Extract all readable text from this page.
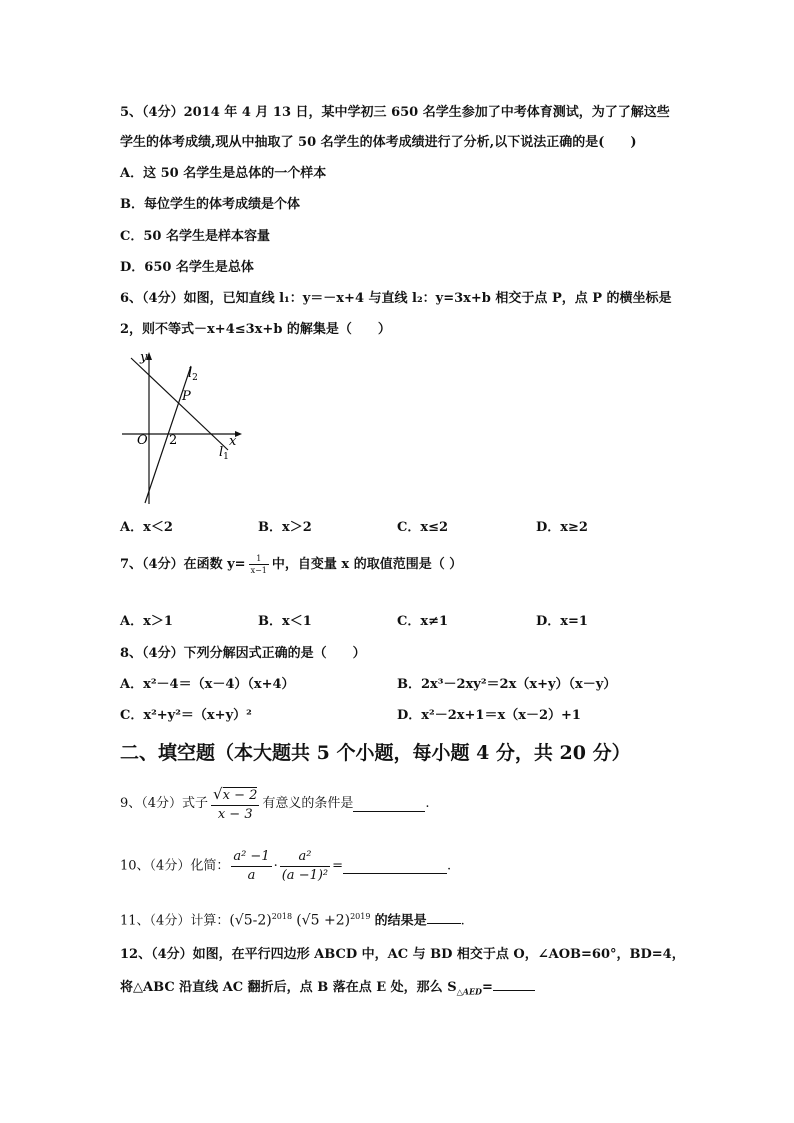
5、（4分）2014 年 4 月 13 日，某中学初三 650 名学生参加了中考体育测试，为了了解这些
学生的体考成绩,现从中抽取了 50 名学生的体考成绩进行了分析,以下说法正确的是(　　)
A．这 50 名学生是总体的一个样本
B．每位学生的体考成绩是个体
C．50 名学生是样本容量
D．650 名学生是总体
6、（4分）如图，已知直线 l₁：y＝－x+4 与直线 l₂：y=3x+b 相交于点 P，点 P 的横坐标是
2，则不等式－x+4≤3x+b 的解集是（　　）
y
x
O 2
P
$l_2$
$l_1$
A．x＜2	B．x＞2	C．x≤2	D．x≥2
7、（4分）在函数 $y= \frac{1}{x-1}$ 中，自变量 x 的取值范围是（ ）
A．x＞1	B．x＜1	C．x≠1	D．x=1
8、（4分）下列分解因式正确的是（　　）
A．x²－4＝（x－4）（x+4）	B．2x³－2xy²＝2x（x+y）（x－y）
C．x²+y²＝（x+y）²	D．x²－2x+1＝x（x－2）+1
二、填空题（本大题共 5 个小题，每小题 4 分，共 20 分）
9、（4分）式子 $\frac{√x - 2}{x - 3}$ 有意义的条件是	.
10、（4分）化简： $\frac{\text{a² −1}}{a} \cdot \frac{\text{a²}}{\text{(a −1)²}}$ =	.
11、（4分）计算：$(√5-2)^{2018}$ $(√5 +2)^{2019}$ 的结果是	.
12、（4分）如图，在平行四边形 ABCD 中，AC 与 BD 相交于点 O，∠AOB=60°，BD=4，
将△ABC 沿直线 AC 翻折后，点 B 落在点 E 处，那么 $S_{\triangle AED}=$
